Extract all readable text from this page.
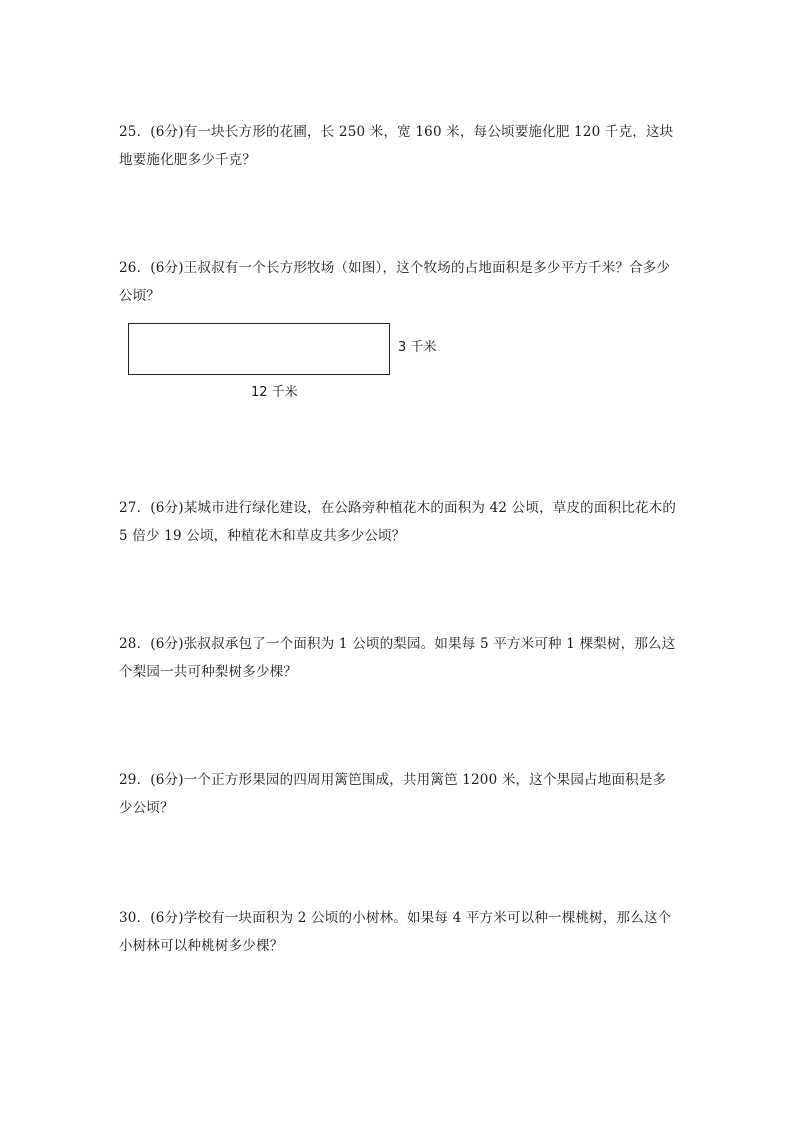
25．(6分)有一块长方形的花圃，长 250 米，宽 160 米，每公顷要施化肥 120 千克，这块地要施化肥多少千克？
26．(6分)王叔叔有一个长方形牧场（如图），这个牧场的占地面积是多少平方千米？合多少公顷？
3 千米
12 千米
27．(6分)某城市进行绿化建设，在公路旁种植花木的面积为 42 公顷，草皮的面积比花木的 5 倍少 19 公顷，种植花木和草皮共多少公顷？
28．(6分)张叔叔承包了一个面积为 1 公顷的梨园。如果每 5 平方米可种 1 棵梨树，那么这个梨园一共可种梨树多少棵？
29．(6分)一个正方形果园的四周用篱笆围成，共用篱笆 1200 米，这个果园占地面积是多少公顷？
30．(6分)学校有一块面积为 2 公顷的小树林。如果每 4 平方米可以种一棵桃树，那么这个小树林可以种桃树多少棵？
